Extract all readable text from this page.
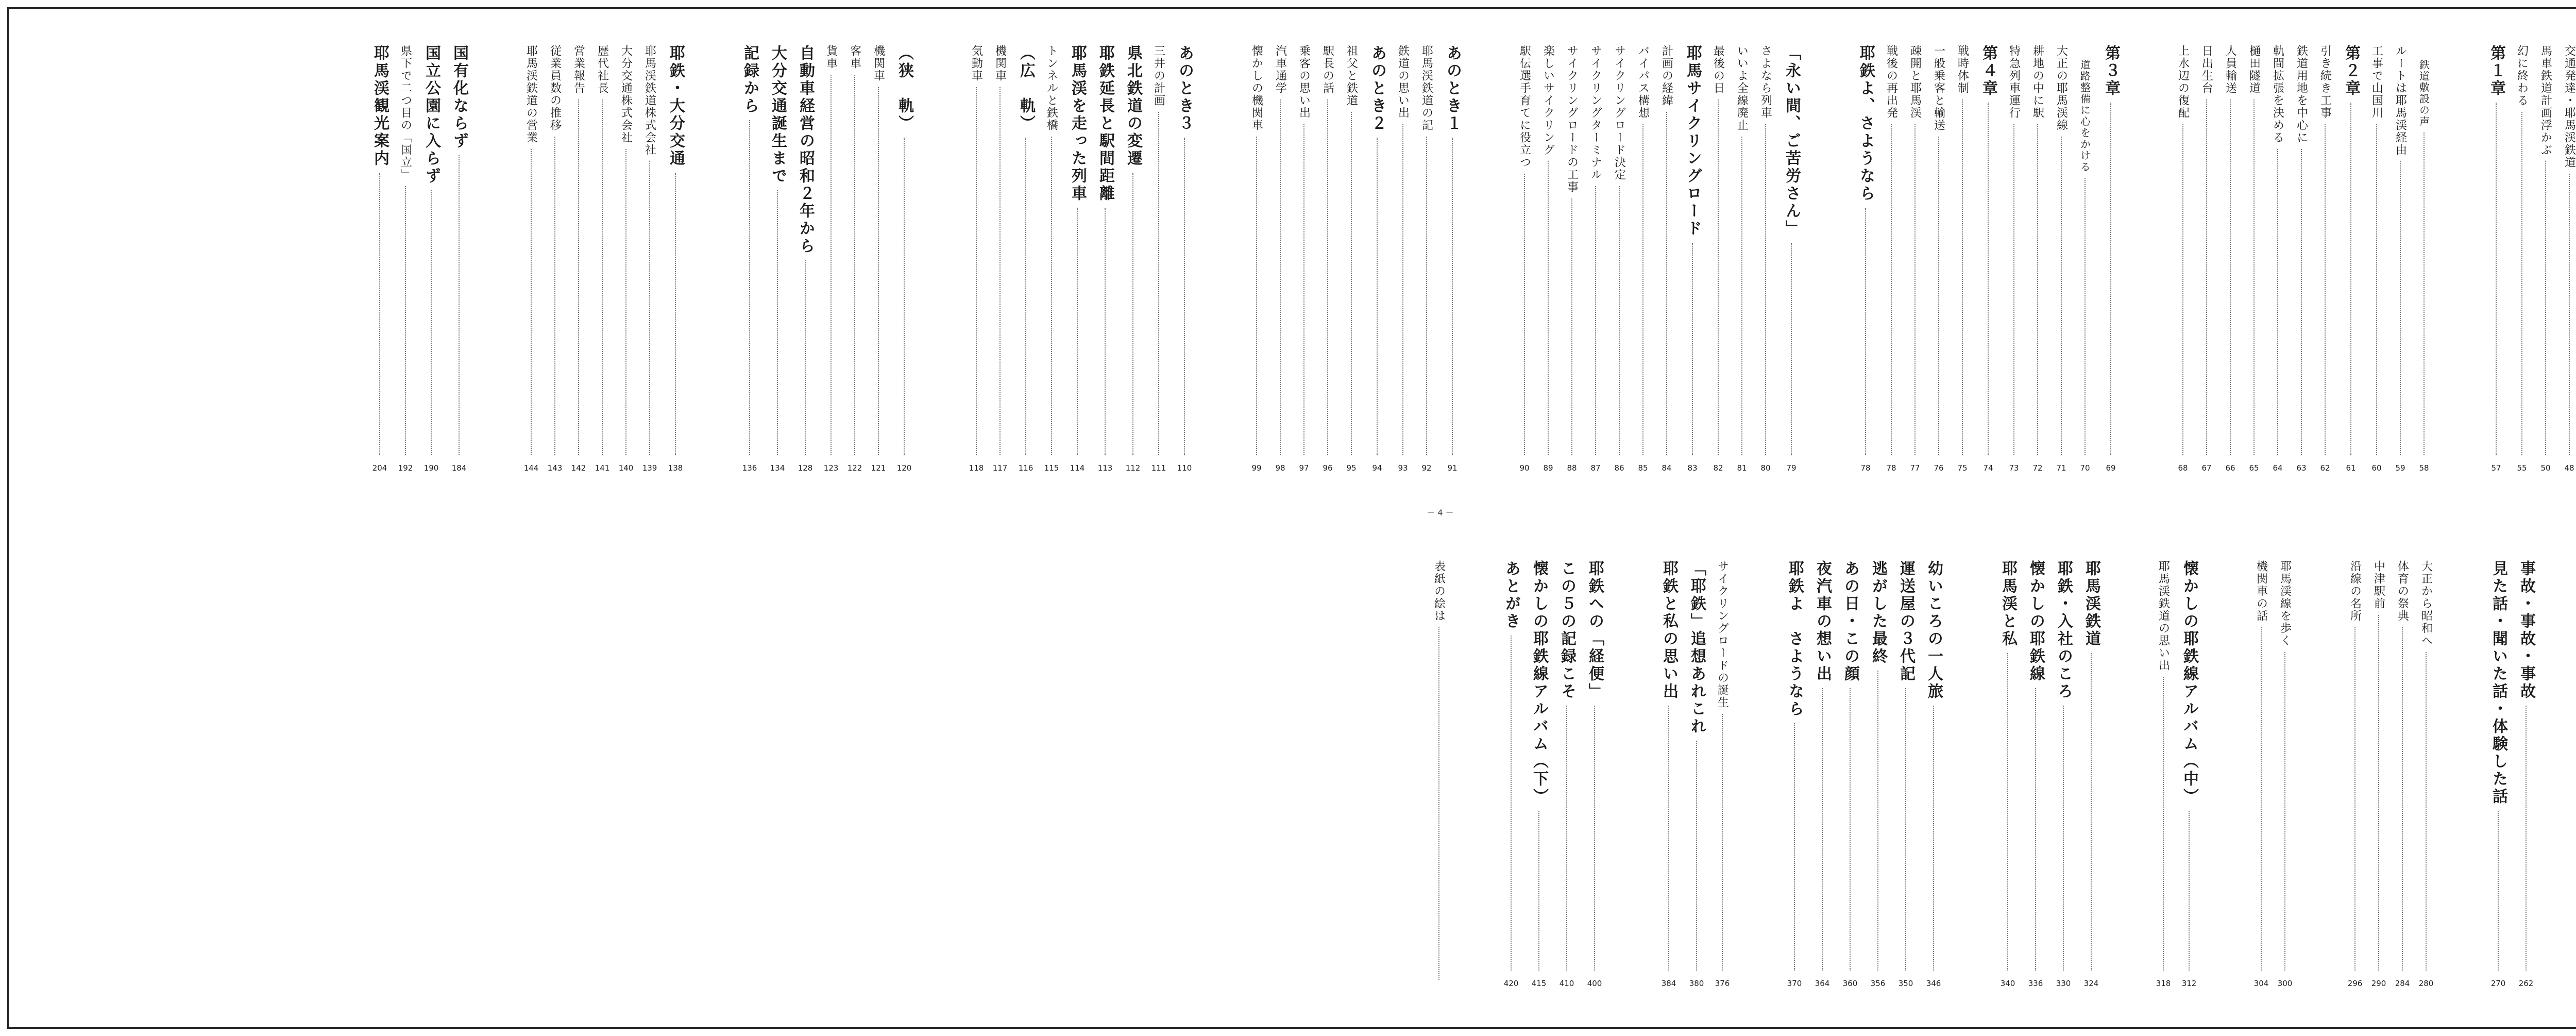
交通発達・耶馬渓鉄道
48
馬車鉄道計画浮かぶ
50
幻に終わる
55
第１章
57
鉄道敷設の声
58
ルートは耶馬渓経由
59
工事で山国川
60
第２章
61
引き続き工事
62
鉄道用地を中心に
63
軌間拡張を決める
64
樋田隧道
65
人員輸送
66
日出生台
67
上水辺の復配
68
第３章
69
道路整備に心をかける
70
大正の耶馬渓線
71
耕地の中に駅
72
特急列車運行
73
第４章
74
戦時体制
75
一般乗客と輸送
76
疎開と耶馬渓
77
戦後の再出発
78
耶鉄よ、さようなら
78
「永い間、ご苦労さん」
79
さよなら列車
80
いいよ全線廃止
81
最後の日
82
耶馬サイクリングロード
83
計画の経緯
84
バイパス構想
85
サイクリングロード決定
86
サイクリングターミナル
87
サイクリングロードの工事
88
楽しいサイクリング
89
駅伝選手育てに役立つ
90
あのとき１
91
耶馬渓鉄道の記
92
鉄道の思い出
93
あのとき２
94
祖父と鉄道
95
駅長の話
96
乗客の思い出
97
汽車通学
98
懐かしの機関車
99
あのとき３
110
三井の計画
111
県北鉄道の変遷
112
耶鉄延長と駅間距離
113
耶馬渓を走った列車
114
トンネルと鉄橋
115
（広　軌）
116
機関車
117
気動車
118
（狭　軌）
120
機関車
121
客車
122
貨車
123
自動車経営の昭和２年から
128
大分交通誕生まで
134
記録から
136
耶鉄・大分交通
138
耶馬渓鉄道株式会社
139
大分交通株式会社
140
歴代社長
141
営業報告
142
従業員数の推移
143
耶馬渓鉄道の営業
144
国有化ならず
184
国立公園に入らず
190
県下で二つ目の「国立」
192
耶馬渓観光案内
204
－ 4 －
事故・事故・事故
262
見た話・聞いた話・体験した話
270
大正から昭和へ
280
体育の祭典
284
中津駅前
290
沿線の名所
296
耶馬渓線を歩く
300
機関車の話
304
懐かしの耶鉄線アルバム（中）
312
耶馬渓鉄道の思い出
318
耶馬渓鉄道
324
耶鉄・入社のころ
330
懐かしの耶鉄線
336
耶馬渓と私
340
幼いころの一人旅
346
運送屋の３代記
350
逃がした最終
356
あの日・この顔
360
夜汽車の想い出
364
耶鉄よ　さようなら
370
サイクリングロードの誕生
376
「耶鉄」追想あれこれ
380
耶鉄と私の思い出
384
耶鉄への「経便」
400
この５の記録こそ
410
懐かしの耶鉄線アルバム（下）
415
あとがき
420
表紙の絵は
